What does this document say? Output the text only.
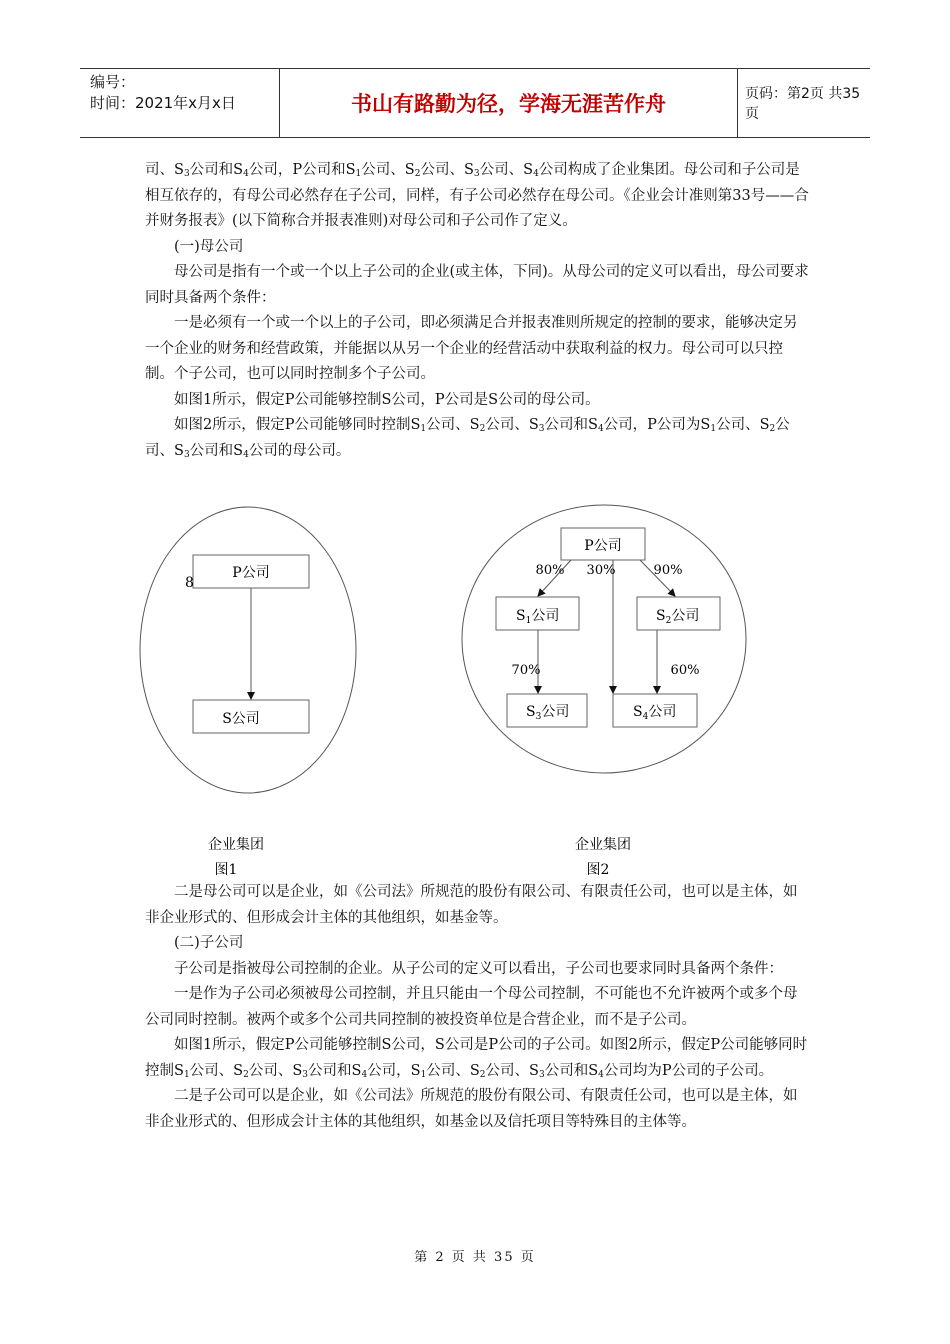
编号：
时间：2021年x月x日	书山有路勤为径，学海无涯苦作舟	页码：第2页 共35页

司、$S_3$公司和$S_4$公司，P公司和$S_1$公司、$S_2$公司、$S_3$公司、$S_4$公司构成了企业集团。母公司和子公司是相互依存的，有母公司必然存在子公司，同样，有子公司必然存在母公司。《企业会计准则第33号——合并财务报表》(以下简称合并报表准则)对母公司和子公司作了定义。

(一)母公司

母公司是指有一个或一个以上子公司的企业(或主体，下同)。从母公司的定义可以看出，母公司要求同时具备两个条件：

一是必须有一个或一个以上的子公司，即必须满足合并报表准则所规定的控制的要求，能够决定另一个企业的财务和经营政策，并能据以从另一个企业的经营活动中获取利益的权力。母公司可以只控制。个子公司，也可以同时控制多个子公司。

如图1所示，假定P公司能够控制S公司，P公司是S公司的母公司。

如图2所示，假定P公司能够同时控制$S_1$公司、$S_2$公司、$S_3$公司和$S_4$公司，P公司为$S_1$公司、$S_2$公司、$S_3$公司和$S_4$公司的母公司。

P公司
8
S公司
企业集团
图1
P公司
$S_1$公司	$S_2$公司
$S_3$公司	$S_4$公司
80% 30%	90%
70%	60%
企业集团
图2

二是母公司可以是企业，如《公司法》所规范的股份有限公司、有限责任公司，也可以是主体，如非企业形式的、但形成会计主体的其他组织，如基金等。

(二)子公司

子公司是指被母公司控制的企业。从子公司的定义可以看出，子公司也要求同时具备两个条件：

一是作为子公司必须被母公司控制，并且只能由一个母公司控制，不可能也不允许被两个或多个母公司同时控制。被两个或多个公司共同控制的被投资单位是合营企业，而不是子公司。

如图1所示，假定P公司能够控制S公司，S公司是P公司的子公司。如图2所示，假定P公司能够同时控制$S_1$公司、$S_2$公司、$S_3$公司和$S_4$公司，$S_1$公司、$S_2$公司、$S_3$公司和$S_4$公司均为P公司的子公司。

二是子公司可以是企业，如《公司法》所规范的股份有限公司、有限责任公司，也可以是主体，如非企业形式的、但形成会计主体的其他组织，如基金以及信托项目等特殊目的主体等。

第 2 页 共 35 页
